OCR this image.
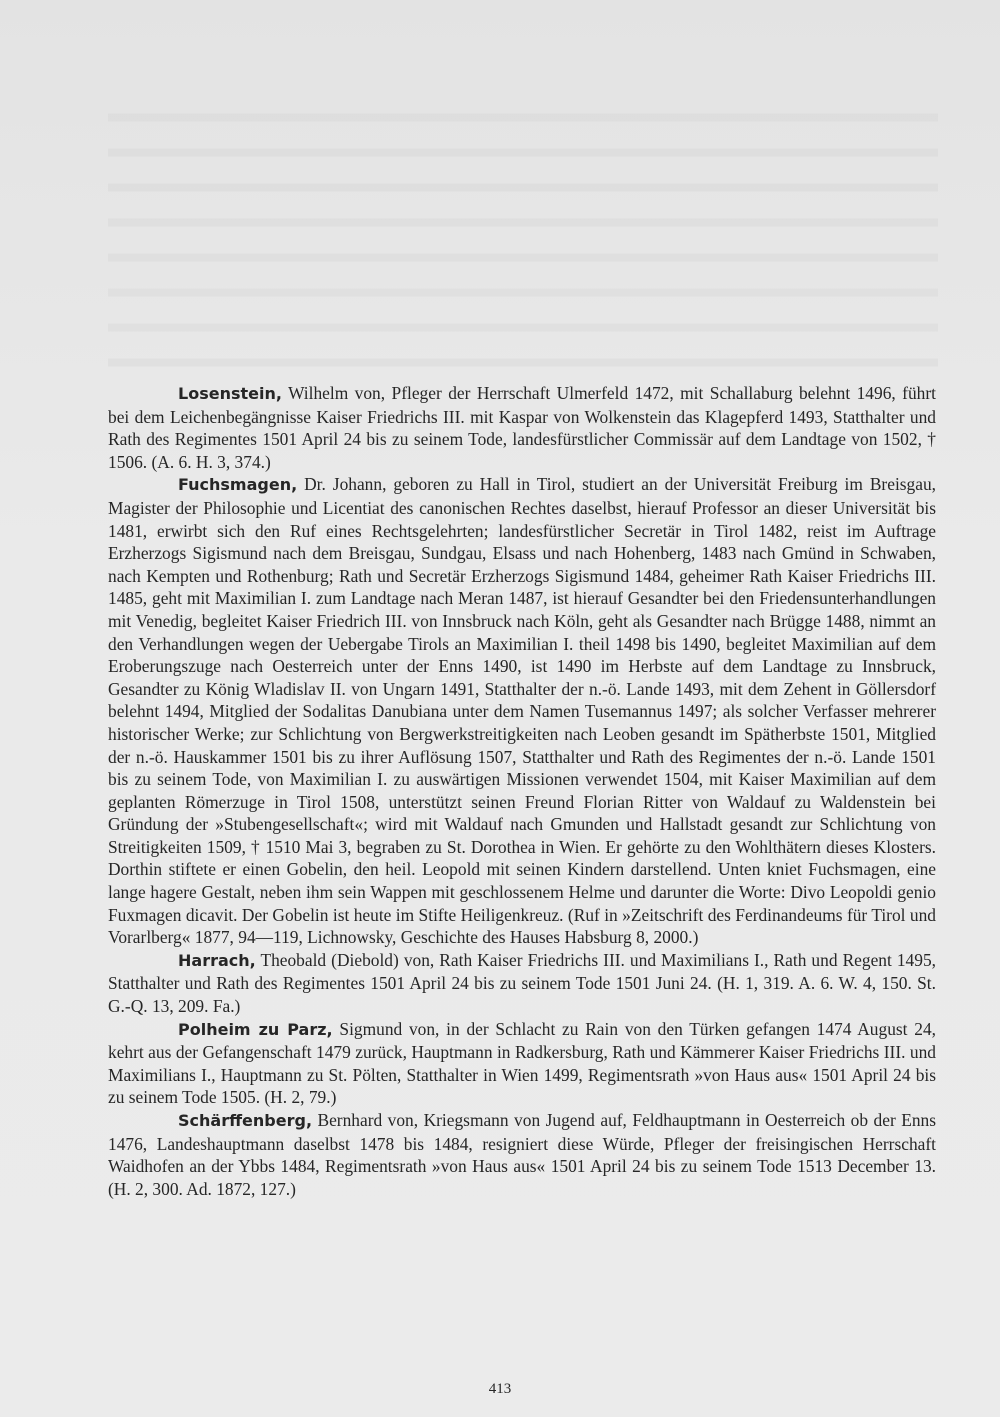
Losenstein, Wilhelm von, Pfleger der Herrschaft Ulmerfeld 1472, mit Schallaburg belehnt 1496, führt bei dem Leichenbegängnisse Kaiser Friedrichs III. mit Kaspar von Wolkenstein das Klagepferd 1493, Statthalter und Rath des Regimentes 1501 April 24 bis zu seinem Tode, landesfürstlicher Commissär auf dem Landtage von 1502, † 1506. (A. 6. H. 3, 374.)

Fuchsmagen, Dr. Johann, geboren zu Hall in Tirol, studiert an der Universität Freiburg im Breisgau, Magister der Philosophie und Licentiat des canonischen Rechtes daselbst, hierauf Professor an dieser Universität bis 1481, erwirbt sich den Ruf eines Rechtsgelehrten; landesfürstlicher Secretär in Tirol 1482, reist im Auftrage Erzherzogs Sigismund nach dem Breisgau, Sundgau, Elsass und nach Hohenberg, 1483 nach Gmünd in Schwaben, nach Kempten und Rothenburg; Rath und Secretär Erzherzogs Sigismund 1484, geheimer Rath Kaiser Friedrichs III. 1485, geht mit Maximilian I. zum Landtage nach Meran 1487, ist hierauf Gesandter bei den Friedensunterhandlungen mit Venedig, begleitet Kaiser Friedrich III. von Innsbruck nach Köln, geht als Gesandter nach Brügge 1488, nimmt an den Verhandlungen wegen der Uebergabe Tirols an Maximilian I. theil 1498 bis 1490, begleitet Maximilian auf dem Eroberungszuge nach Oesterreich unter der Enns 1490, ist 1490 im Herbste auf dem Landtage zu Innsbruck, Gesandter zu König Wladislav II. von Ungarn 1491, Statthalter der n.-ö. Lande 1493, mit dem Zehent in Göllersdorf belehnt 1494, Mitglied der Sodalitas Danubiana unter dem Namen Tusemannus 1497; als solcher Verfasser mehrerer historischer Werke; zur Schlichtung von Bergwerkstreitigkeiten nach Leoben gesandt im Spätherbste 1501, Mitglied der n.-ö. Hauskammer 1501 bis zu ihrer Auflösung 1507, Statthalter und Rath des Regimentes der n.-ö. Lande 1501 bis zu seinem Tode, von Maximilian I. zu auswärtigen Missionen verwendet 1504, mit Kaiser Maximilian auf dem geplanten Römerzuge in Tirol 1508, unterstützt seinen Freund Florian Ritter von Waldauf zu Waldenstein bei Gründung der »Stubengesellschaft«; wird mit Waldauf nach Gmunden und Hallstadt gesandt zur Schlichtung von Streitigkeiten 1509, † 1510 Mai 3, begraben zu St. Dorothea in Wien. Er gehörte zu den Wohlthätern dieses Klosters. Dorthin stiftete er einen Gobelin, den heil. Leopold mit seinen Kindern darstellend. Unten kniet Fuchsmagen, eine lange hagere Gestalt, neben ihm sein Wappen mit geschlossenem Helme und darunter die Worte: Divo Leopoldi genio Fuxmagen dicavit. Der Gobelin ist heute im Stifte Heiligenkreuz. (Ruf in »Zeitschrift des Ferdinandeums für Tirol und Vorarlberg« 1877, 94—119, Lichnowsky, Geschichte des Hauses Habsburg 8, 2000.)

Harrach, Theobald (Diebold) von, Rath Kaiser Friedrichs III. und Maximilians I., Rath und Regent 1495, Statthalter und Rath des Regimentes 1501 April 24 bis zu seinem Tode 1501 Juni 24. (H. 1, 319. A. 6. W. 4, 150. St. G.-Q. 13, 209. Fa.)

Polheim zu Parz, Sigmund von, in der Schlacht zu Rain von den Türken gefangen 1474 August 24, kehrt aus der Gefangenschaft 1479 zurück, Hauptmann in Radkersburg, Rath und Kämmerer Kaiser Friedrichs III. und Maximilians I., Hauptmann zu St. Pölten, Statthalter in Wien 1499, Regimentsrath »von Haus aus« 1501 April 24 bis zu seinem Tode 1505. (H. 2, 79.)

Schärffenberg, Bernhard von, Kriegsmann von Jugend auf, Feldhauptmann in Oesterreich ob der Enns 1476, Landeshauptmann daselbst 1478 bis 1484, resigniert diese Würde, Pfleger der freisingischen Herrschaft Waidhofen an der Ybbs 1484, Regimentsrath »von Haus aus« 1501 April 24 bis zu seinem Tode 1513 December 13. (H. 2, 300. Ad. 1872, 127.)

413
